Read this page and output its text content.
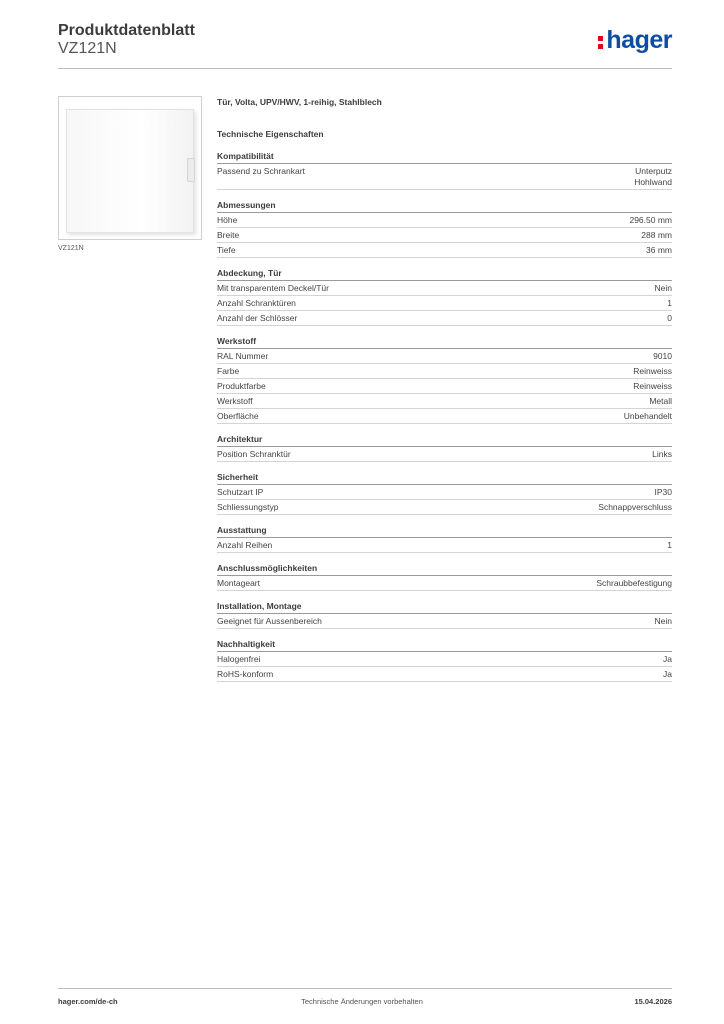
Produktdatenblatt
VZ121N	hager
VZ121N
Tür, Volta, UPV/HWV, 1-reihig, Stahlblech
Technische Eigenschaften
Kompatibilität
Passend zu Schrankart	Unterputz
Hohlwand
Abmessungen
Höhe	296.50 mm
Breite	288 mm
Tiefe	36 mm
Abdeckung, Tür
Mit transparentem Deckel/Tür	Nein
Anzahl Schranktüren	1
Anzahl der Schlösser	0
Werkstoff
RAL Nummer	9010
Farbe	Reinweiss
Produktfarbe	Reinweiss
Werkstoff	Metall
Oberfläche	Unbehandelt
Architektur
Position Schranktür	Links
Sicherheit
Schutzart IP	IP30
Schliessungstyp	Schnappverschluss
Ausstattung
Anzahl Reihen	1
Anschlussmöglichkeiten
Montageart	Schraubbefestigung
Installation, Montage
Geeignet für Aussenbereich	Nein
Nachhaltigkeit
Halogenfrei	Ja
RoHS-konform	Ja
hager.com/de-ch	Technische Änderungen vorbehalten	15.04.2026
